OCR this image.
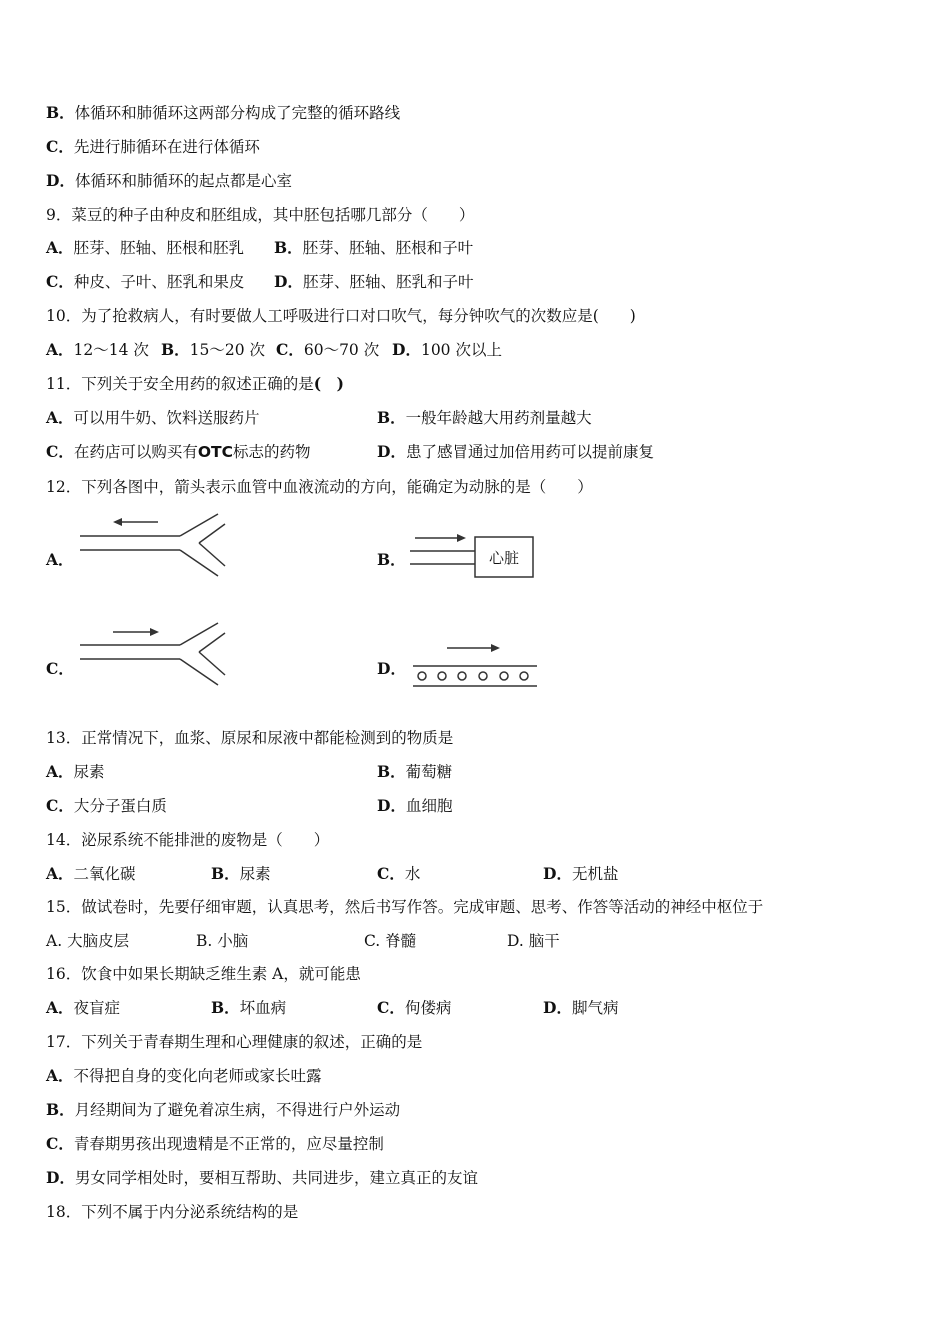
B．体循环和肺循环这两部分构成了完整的循环路线
C．先进行肺循环在进行体循环
D．体循环和肺循环的起点都是心室
9．菜豆的种子由种皮和胚组成，其中胚包括哪几部分（　　）
A．胚芽、胚轴、胚根和胚乳 B．胚芽、胚轴、胚根和子叶
C．种皮、子叶、胚乳和果皮 D．胚芽、胚轴、胚乳和子叶
10．为了抢救病人，有时要做人工呼吸进行口对口吹气，每分钟吹气的次数应是(　　)
A．12～14 次 B．15～20 次 C．60～70 次 D．100 次以上
11．下列关于安全用药的叙述正确的是(　)
A．可以用牛奶、饮料送服药片	B．一般年龄越大用药剂量越大
C．在药店可以购买有OTC标志的药物	D．患了感冒通过加倍用药可以提前康复
12．下列各图中，箭头表示血管中血液流动的方向，能确定为动脉的是（　　）
A．	B．	心脏
C．	D．
13．正常情况下，血浆、原尿和尿液中都能检测到的物质是
A．尿素	B．葡萄糖
C．大分子蛋白质	D．血细胞
14．泌尿系统不能排泄的废物是（　　）
A．二氧化碳	B．尿素	C．水	D．无机盐
15．做试卷时，先要仔细审题，认真思考，然后书写作答。完成审题、思考、作答等活动的神经中枢位于
A. 大脑皮层	B. 小脑	C. 脊髓	D. 脑干
16．饮食中如果长期缺乏维生素 A，就可能患
A．夜盲症	B．坏血病	C．佝偻病	D．脚气病
17．下列关于青春期生理和心理健康的叙述，正确的是
A．不得把自身的变化向老师或家长吐露
B．月经期间为了避免着凉生病，不得进行户外运动
C．青春期男孩出现遗精是不正常的，应尽量控制
D．男女同学相处时，要相互帮助、共同进步，建立真正的友谊
18．下列不属于内分泌系统结构的是
